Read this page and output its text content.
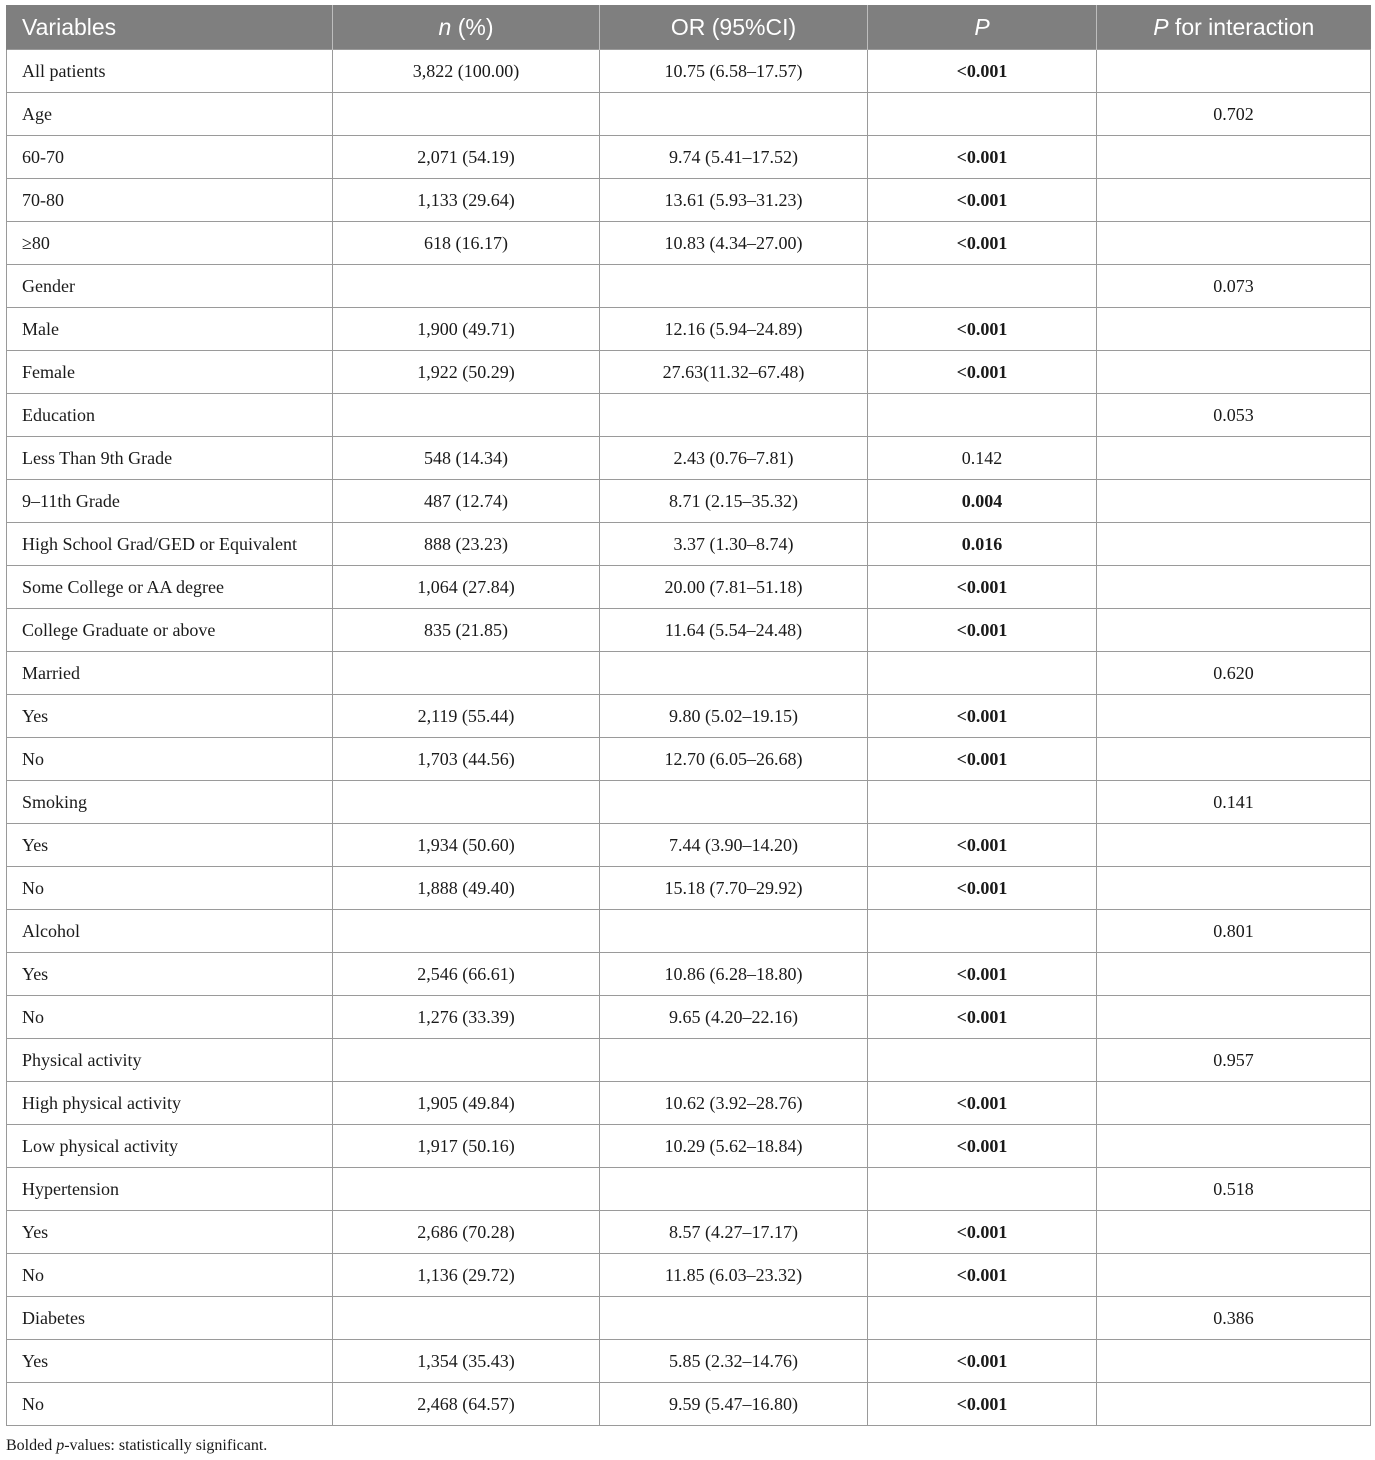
Variables	n (%)	OR (95%CI)	P	P for interaction
All patients	3,822 (100.00)	10.75 (6.58–17.57)	<0.001	
Age				0.702
60-70	2,071 (54.19)	9.74 (5.41–17.52)	<0.001	
70-80	1,133 (29.64)	13.61 (5.93–31.23)	<0.001	
≥80	618 (16.17)	10.83 (4.34–27.00)	<0.001	
Gender				0.073
Male	1,900 (49.71)	12.16 (5.94–24.89)	<0.001	
Female	1,922 (50.29)	27.63(11.32–67.48)	<0.001	
Education				0.053
Less Than 9th Grade	548 (14.34)	2.43 (0.76–7.81)	0.142	
9–11th Grade	487 (12.74)	8.71 (2.15–35.32)	0.004	
High School Grad/GED or Equivalent	888 (23.23)	3.37 (1.30–8.74)	0.016	
Some College or AA degree	1,064 (27.84)	20.00 (7.81–51.18)	<0.001	
College Graduate or above	835 (21.85)	11.64 (5.54–24.48)	<0.001	
Married				0.620
Yes	2,119 (55.44)	9.80 (5.02–19.15)	<0.001	
No	1,703 (44.56)	12.70 (6.05–26.68)	<0.001	
Smoking				0.141
Yes	1,934 (50.60)	7.44 (3.90–14.20)	<0.001	
No	1,888 (49.40)	15.18 (7.70–29.92)	<0.001	
Alcohol				0.801
Yes	2,546 (66.61)	10.86 (6.28–18.80)	<0.001	
No	1,276 (33.39)	9.65 (4.20–22.16)	<0.001	
Physical activity				0.957
High physical activity	1,905 (49.84)	10.62 (3.92–28.76)	<0.001	
Low physical activity	1,917 (50.16)	10.29 (5.62–18.84)	<0.001	
Hypertension				0.518
Yes	2,686 (70.28)	8.57 (4.27–17.17)	<0.001	
No	1,136 (29.72)	11.85 (6.03–23.32)	<0.001	
Diabetes				0.386
Yes	1,354 (35.43)	5.85 (2.32–14.76)	<0.001	
No	2,468 (64.57)	9.59 (5.47–16.80)	<0.001	
Bolded p-values: statistically significant.
